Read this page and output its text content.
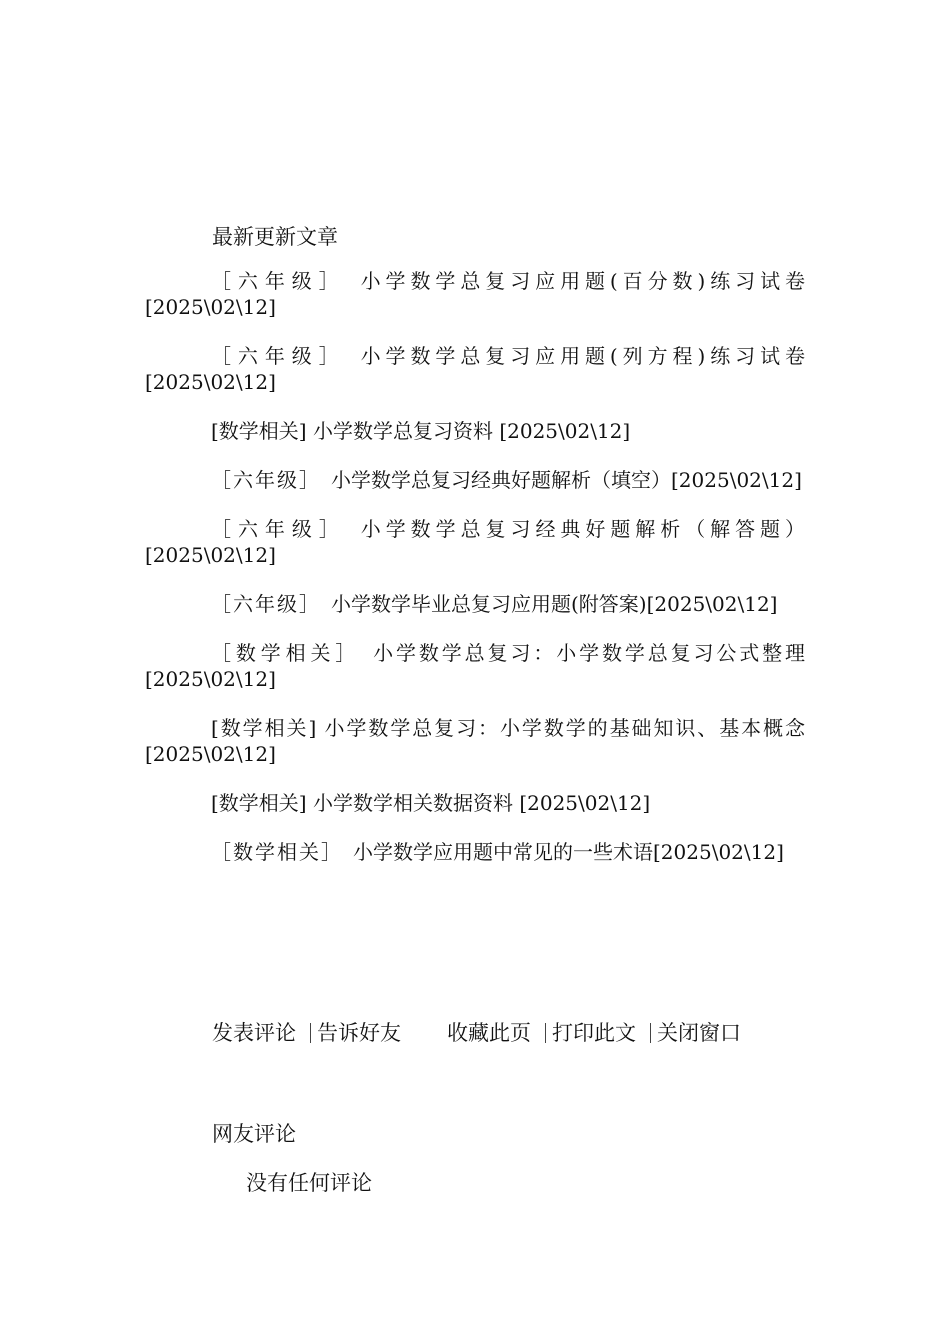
最新更新文章
［六年级］ 小学数学总复习应用题(百分数)练习试卷[2025\02\12]
［六年级］ 小学数学总复习应用题(列方程)练习试卷[2025\02\12]
[数学相关] 小学数学总复习资料 [2025\02\12]
［六年级］ 小学数学总复习经典好题解析（填空）[2025\02\12]
［六年级］ 小学数学总复习经典好题解析（解答题）[2025\02\12]
［六年级］ 小学数学毕业总复习应用题(附答案)[2025\02\12]
［数学相关］ 小学数学总复习：小学数学总复习公式整理[2025\02\12]
[数学相关] 小学数学总复习：小学数学的基础知识、基本概念 [2025\02\12]
[数学相关] 小学数学相关数据资料 [2025\02\12]
［数学相关］ 小学数学应用题中常见的一些术语[2025\02\12]
发表评论 告诉好友 收藏此页 打印此文 关闭窗口
网友评论
没有任何评论
